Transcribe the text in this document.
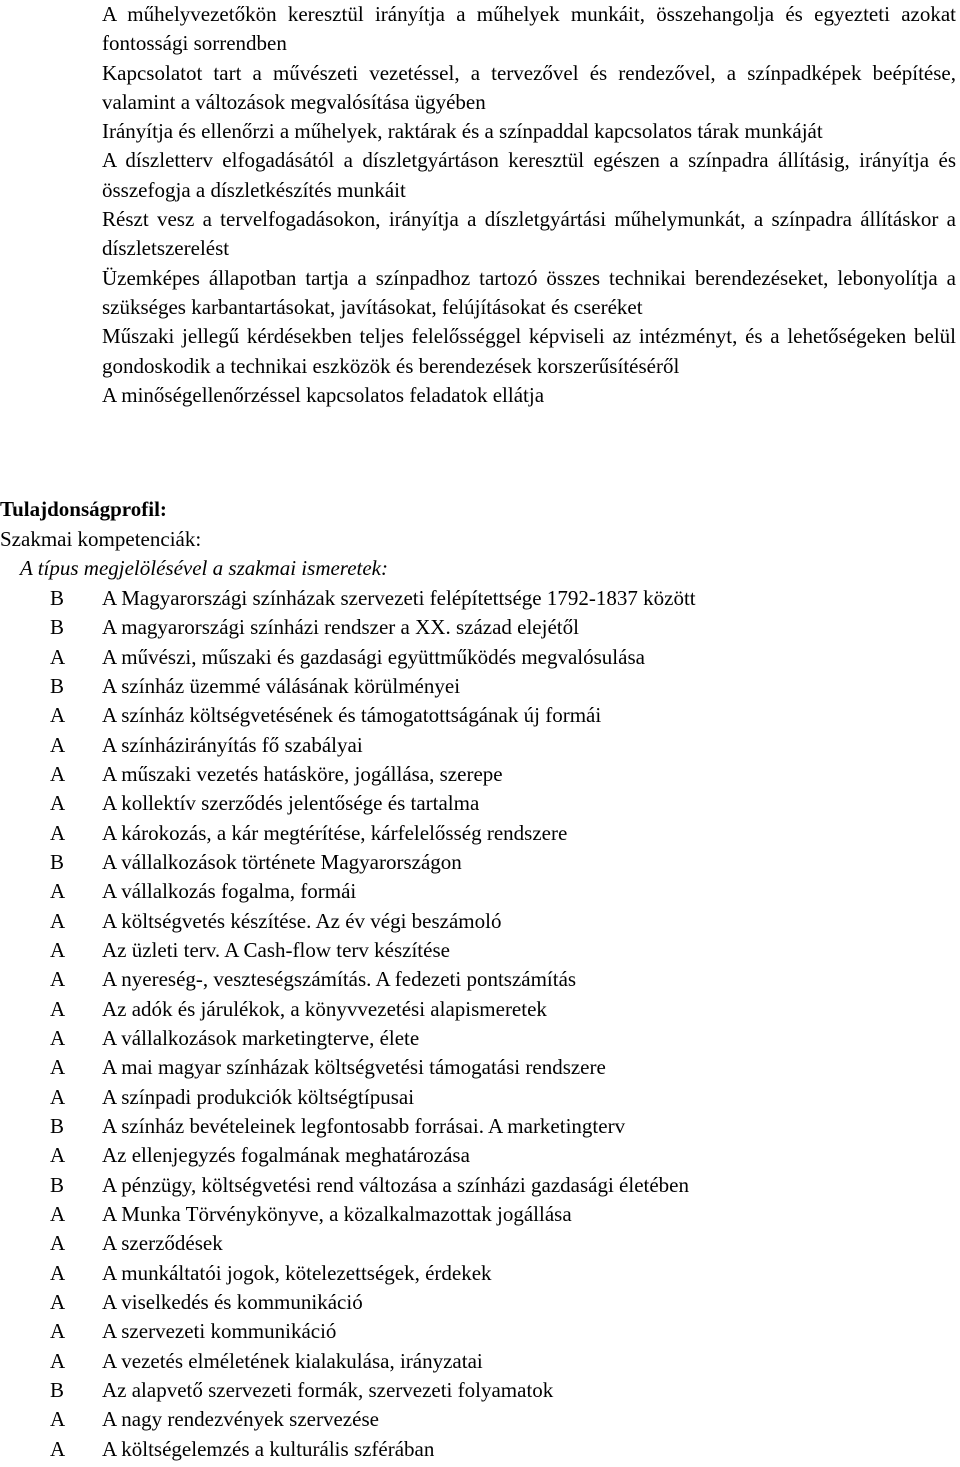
A műhelyvezetőkön keresztül irányítja a műhelyek munkáit, összehangolja és egyezteti azokat fontossági sorrendben

Kapcsolatot tart a művészeti vezetéssel, a tervezővel és rendezővel, a színpadképek beépítése, valamint a változások megvalósítása ügyében

Irányítja és ellenőrzi a műhelyek, raktárak és a színpaddal kapcsolatos tárak munkáját

A díszletterv elfogadásától a díszletgyártáson keresztül egészen a színpadra állításig, irányítja és összefogja a díszletkészítés munkáit

Részt vesz a tervelfogadásokon, irányítja a díszletgyártási műhelymunkát, a színpadra állításkor a díszletszerelést

Üzemképes állapotban tartja a színpadhoz tartozó összes technikai berendezéseket, lebonyolítja a szükséges karbantartásokat, javításokat, felújításokat és cseréket

Műszaki jellegű kérdésekben teljes felelősséggel képviseli az intézményt, és a lehetőségeken belül gondoskodik a technikai eszközök és berendezések korszerűsítéséről

A minőségellenőrzéssel kapcsolatos feladatok ellátja

Tulajdonságprofil:

Szakmai kompetenciák:

A típus megjelölésével a szakmai ismeretek:

B A Magyarországi színházak szervezeti felépítettsége 1792-1837 között
B A magyarországi színházi rendszer a XX. század elejétől
A A művészi, műszaki és gazdasági együttműködés megvalósulása
B A színház üzemmé válásának körülményei
A A színház költségvetésének és támogatottságának új formái
A A színházirányítás fő szabályai
A A műszaki vezetés hatásköre, jogállása, szerepe
A A kollektív szerződés jelentősége és tartalma
A A károkozás, a kár megtérítése, kárfelelősség rendszere
B A vállalkozások története Magyarországon
A A vállalkozás fogalma, formái
A A költségvetés készítése. Az év végi beszámoló
A Az üzleti terv. A Cash-flow terv készítése
A A nyereség-, veszteségszámítás. A fedezeti pontszámítás
A Az adók és járulékok, a könyvvezetési alapismeretek
A A vállalkozások marketingterve, élete
A A mai magyar színházak költségvetési támogatási rendszere
A A színpadi produkciók költségtípusai
B A színház bevételeinek legfontosabb forrásai. A marketingterv
A Az ellenjegyzés fogalmának meghatározása
B A pénzügy, költségvetési rend változása a színházi gazdasági életében
A A Munka Törvénykönyve, a közalkalmazottak jogállása
A A szerződések
A A munkáltatói jogok, kötelezettségek, érdekek
A A viselkedés és kommunikáció
A A szervezeti kommunikáció
A A vezetés elméletének kialakulása, irányzatai
B Az alapvető szervezeti formák, szervezeti folyamatok
A A nagy rendezvények szervezése
A A költségelemzés a kulturális szférában
